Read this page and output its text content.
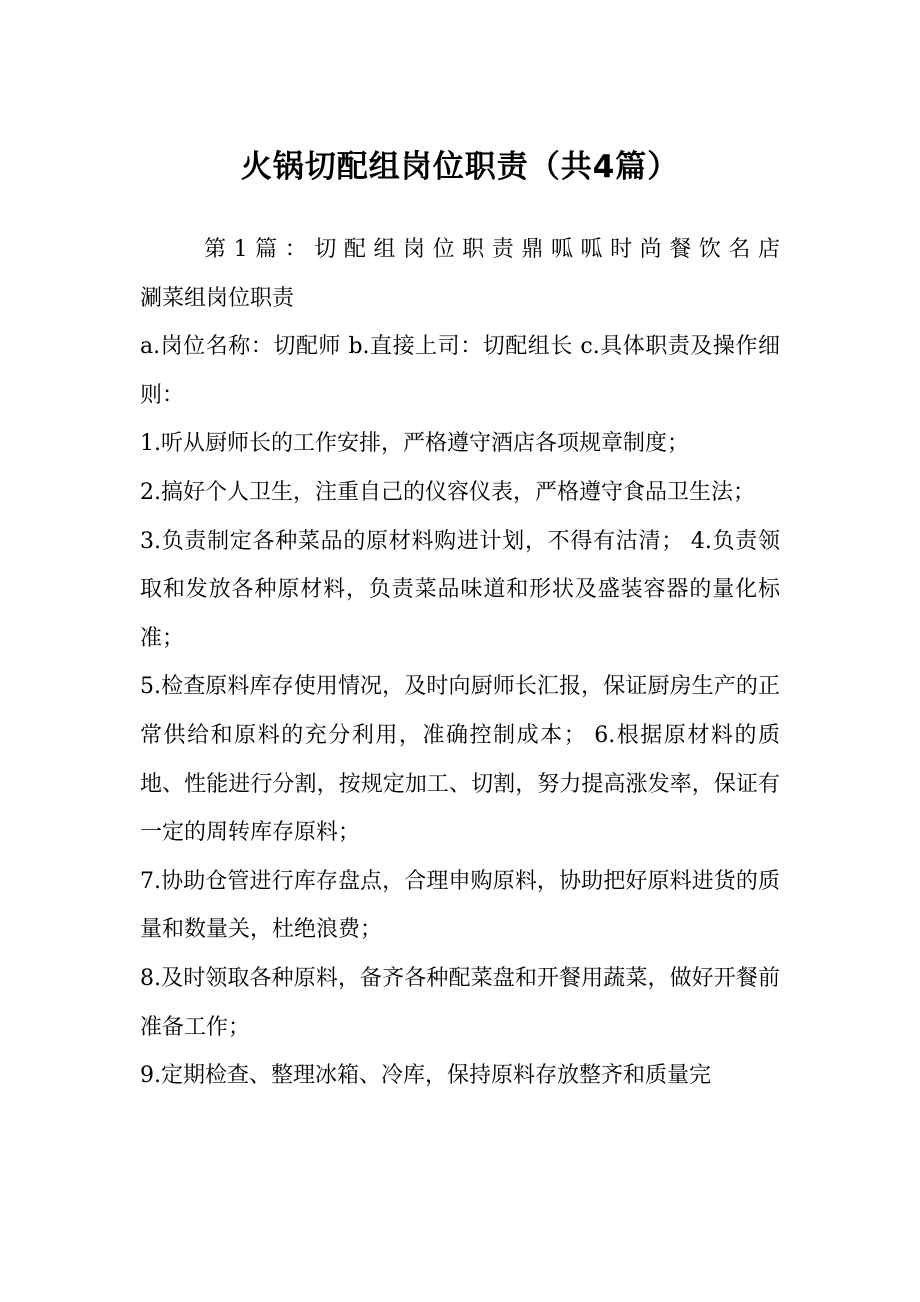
火锅切配组岗位职责（共4篇）

第1篇：切配组岗位职责鼎呱呱时尚餐饮名店

涮菜组岗位职责

a.岗位名称：切配师 b.直接上司：切配组长 c.具体职责及操作细则：

1.听从厨师长的工作安排，严格遵守酒店各项规章制度；

2.搞好个人卫生，注重自己的仪容仪表，严格遵守食品卫生法；

3.负责制定各种菜品的原材料购进计划，不得有沽清； 4.负责领取和发放各种原材料，负责菜品味道和形状及盛装容器的量化标准；

5.检查原料库存使用情况，及时向厨师长汇报，保证厨房生产的正常供给和原料的充分利用，准确控制成本； 6.根据原材料的质地、性能进行分割，按规定加工、切割，努力提高涨发率，保证有一定的周转库存原料；

7.协助仓管进行库存盘点，合理申购原料，协助把好原料进货的质量和数量关，杜绝浪费；

8.及时领取各种原料，备齐各种配菜盘和开餐用蔬菜，做好开餐前准备工作；

9.定期检查、整理冰箱、冷库，保持原料存放整齐和质量完
